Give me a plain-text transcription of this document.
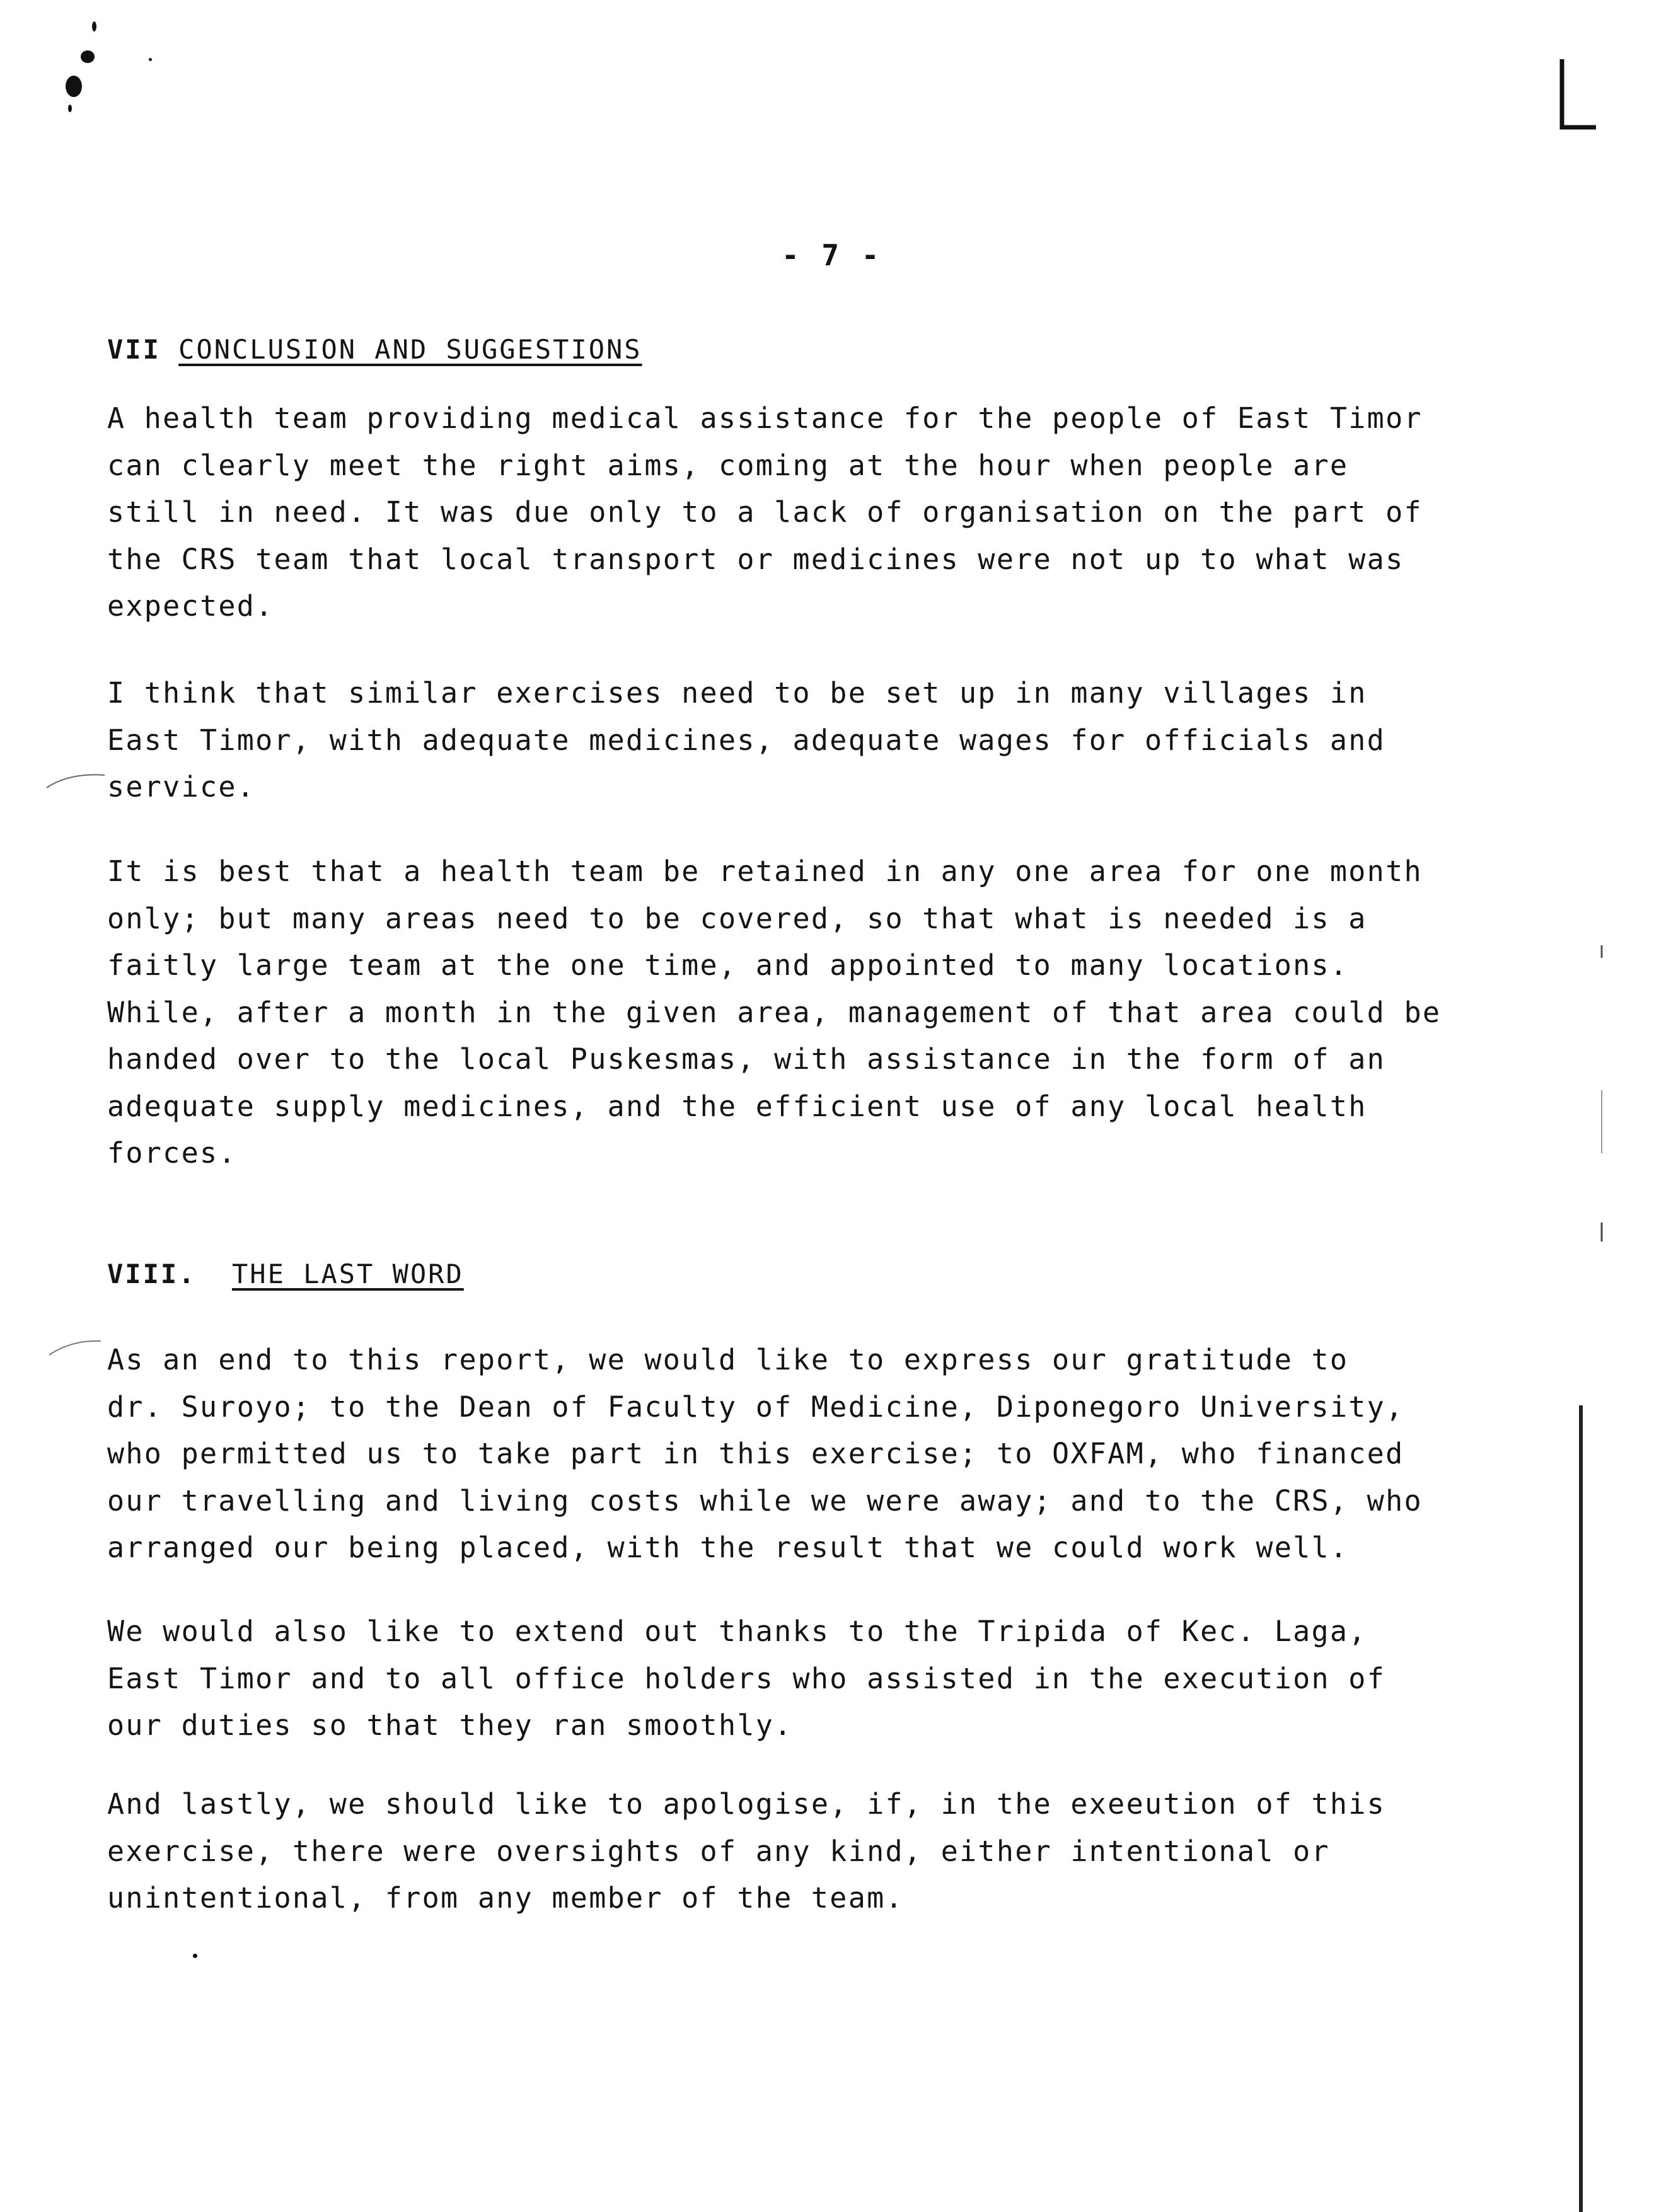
- 7 -
VII CONCLUSION AND SUGGESTIONS
A health team providing medical assistance for the people of East Timor
can clearly meet the right aims, coming at the hour when people are
still in need. It was due only to a lack of organisation on the part of
the CRS team that local transport or medicines were not up to what was
expected.
I think that similar exercises need to be set up in many villages in
East Timor, with adequate medicines, adequate wages for officials and
service.
It is best that a health team be retained in any one area for one month
only; but many areas need to be covered, so that what is needed is a
faitly large team at the one time, and appointed to many locations.
While, after a month in the given area, management of that area could be
handed over to the local Puskesmas, with assistance in the form of an
adequate supply medicines, and the efficient use of any local health
forces.
VIII. THE LAST WORD
As an end to this report, we would like to express our gratitude to
dr. Suroyo; to the Dean of Faculty of Medicine, Diponegoro University,
who permitted us to take part in this exercise; to OXFAM, who financed
our travelling and living costs while we were away; and to the CRS, who
arranged our being placed, with the result that we could work well.
We would also like to extend out thanks to the Tripida of Kec. Laga,
East Timor and to all office holders who assisted in the execution of
our duties so that they ran smoothly.
And lastly, we should like to apologise, if, in the exeeution of this
exercise, there were oversights of any kind, either intentional or
unintentional, from any member of the team.
